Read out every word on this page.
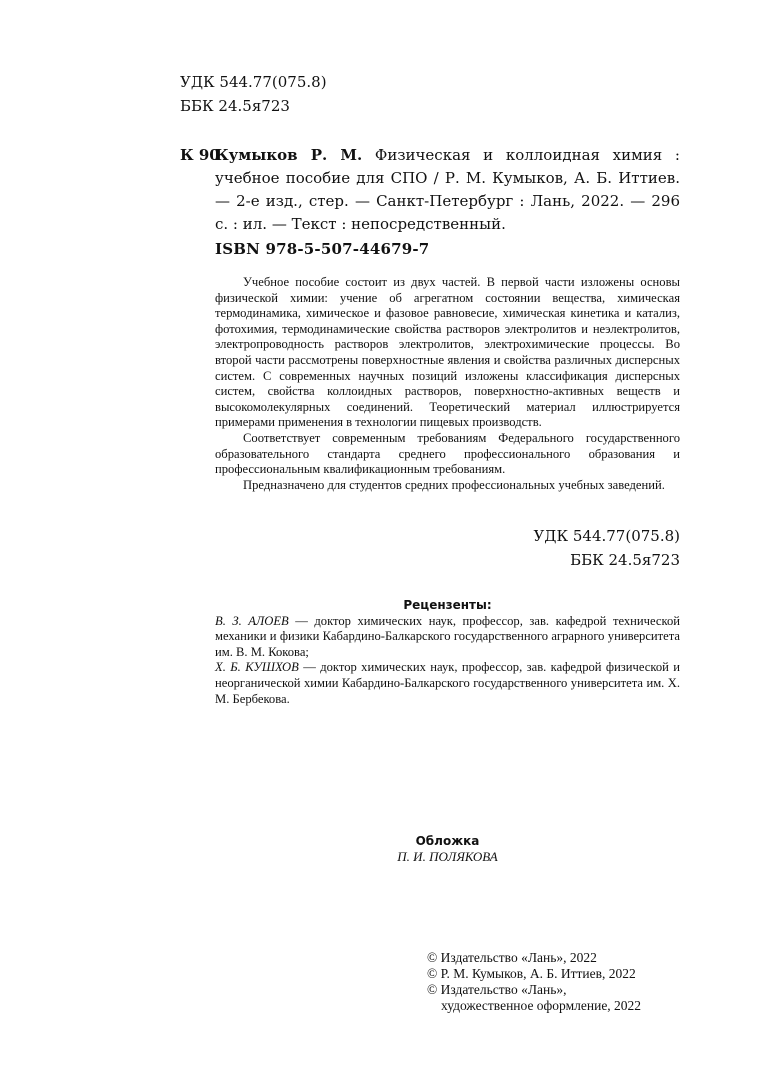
УДК 544.77(075.8)
ББК 24.5я723
К 90
Кумыков Р. М. Физическая и коллоидная химия : учебное пособие для СПО / Р. М. Кумыков, А. Б. Иттиев. — 2-е изд., стер. — Санкт-Петербург : Лань, 2022. — 296 с. : ил. — Текст : непосредственный.
ISBN 978-5-507-44679-7

Учебное пособие состоит из двух частей. В первой части изложены основы физической химии: учение об агрегатном состоянии вещества, химическая термодинамика, химическое и фазовое равновесие, химическая кинетика и катализ, фотохимия, термодинамические свойства растворов электролитов и неэлектролитов, электропроводность растворов электролитов, электрохимические процессы. Во второй части рассмотрены поверхностные явления и свойства различных дисперсных систем. С современных научных позиций изложены классификация дисперсных систем, свойства коллоидных растворов, поверхностно-активных веществ и высокомолекулярных соединений. Теоретический материал иллюстрируется примерами применения в технологии пищевых производств.

Соответствует современным требованиям Федерального государственного образовательного стандарта среднего профессионального образования и профессиональным квалификационным требованиям.

Предназначено для студентов средних профессиональных учебных заведений.

УДК 544.77(075.8)
ББК 24.5я723
Рецензенты:

В. З. АЛОЕВ — доктор химических наук, профессор, зав. кафедрой технической механики и физики Кабардино-Балкарского государственного аграрного университета им. В. М. Кокова;

Х. Б. КУШХОВ — доктор химических наук, профессор, зав. кафедрой физической и неорганической химии Кабардино-Балкарского государственного университета им. Х. М. Бербекова.

Обложка
П. И. ПОЛЯКОВА
© Издательство «Лань», 2022
© Р. М. Кумыков, А. Б. Иттиев, 2022
© Издательство «Лань»,
художественное оформление, 2022
